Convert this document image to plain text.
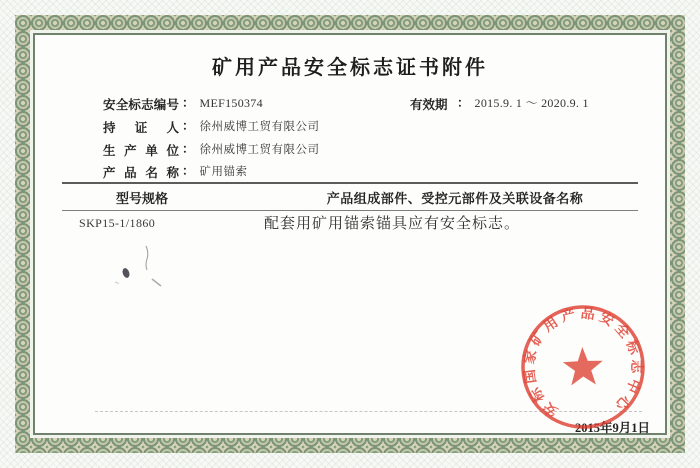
矿用产品安全标志证书附件
安全标志编号 ： MEF150374	有效期 ： 2015.9. 1 ～ 2020.9. 1
持 证 人 ： 徐州威博工贸有限公司
生 产 单 位 ： 徐州威博工贸有限公司
产 品 名 称 ： 矿用锚索
型号规格	产品组成部件、受控元部件及关联设备名称
SKP15-1/1860	配套用矿用锚索锚具应有安全标志。
2015年9月1日
安标国家矿用产品安全标志中心
